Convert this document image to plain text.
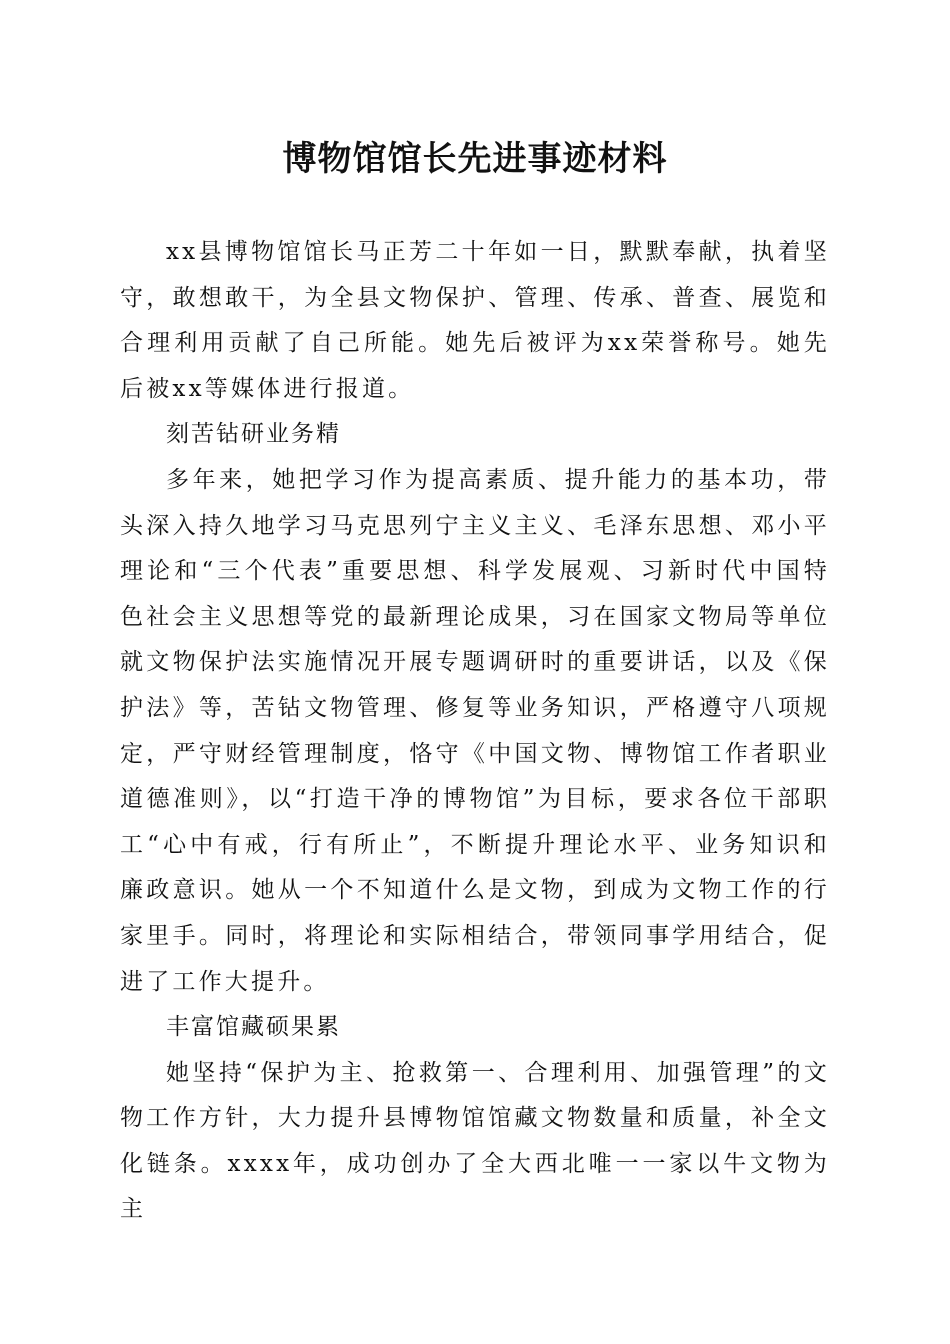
博物馆馆长先进事迹材料

xx县博物馆馆长马正芳二十年如一日，默默奉献，执着坚守，敢想敢干，为全县文物保护、管理、传承、普查、展览和合理利用贡献了自己所能。她先后被评为xx荣誉称号。她先后被xx等媒体进行报道。

刻苦钻研业务精

多年来，她把学习作为提高素质、提升能力的基本功，带头深入持久地学习马克思列宁主义主义、毛泽东思想、邓小平理论和“三个代表”重要思想、科学发展观、习新时代中国特色社会主义思想等党的最新理论成果，习在国家文物局等单位就文物保护法实施情况开展专题调研时的重要讲话，以及《保护法》等，苦钻文物管理、修复等业务知识，严格遵守八项规定，严守财经管理制度，恪守《中国文物、博物馆工作者职业道德准则》，以“打造干净的博物馆”为目标，要求各位干部职工“心中有戒，行有所止”，不断提升理论水平、业务知识和廉政意识。她从一个不知道什么是文物，到成为文物工作的行家里手。同时，将理论和实际相结合，带领同事学用结合，促进了工作大提升。

丰富馆藏硕果累

她坚持“保护为主、抢救第一、合理利用、加强管理”的文物工作方针，大力提升县博物馆馆藏文物数量和质量，补全文化链条。xxxx年，成功创办了全大西北唯一一家以牛文物为主
